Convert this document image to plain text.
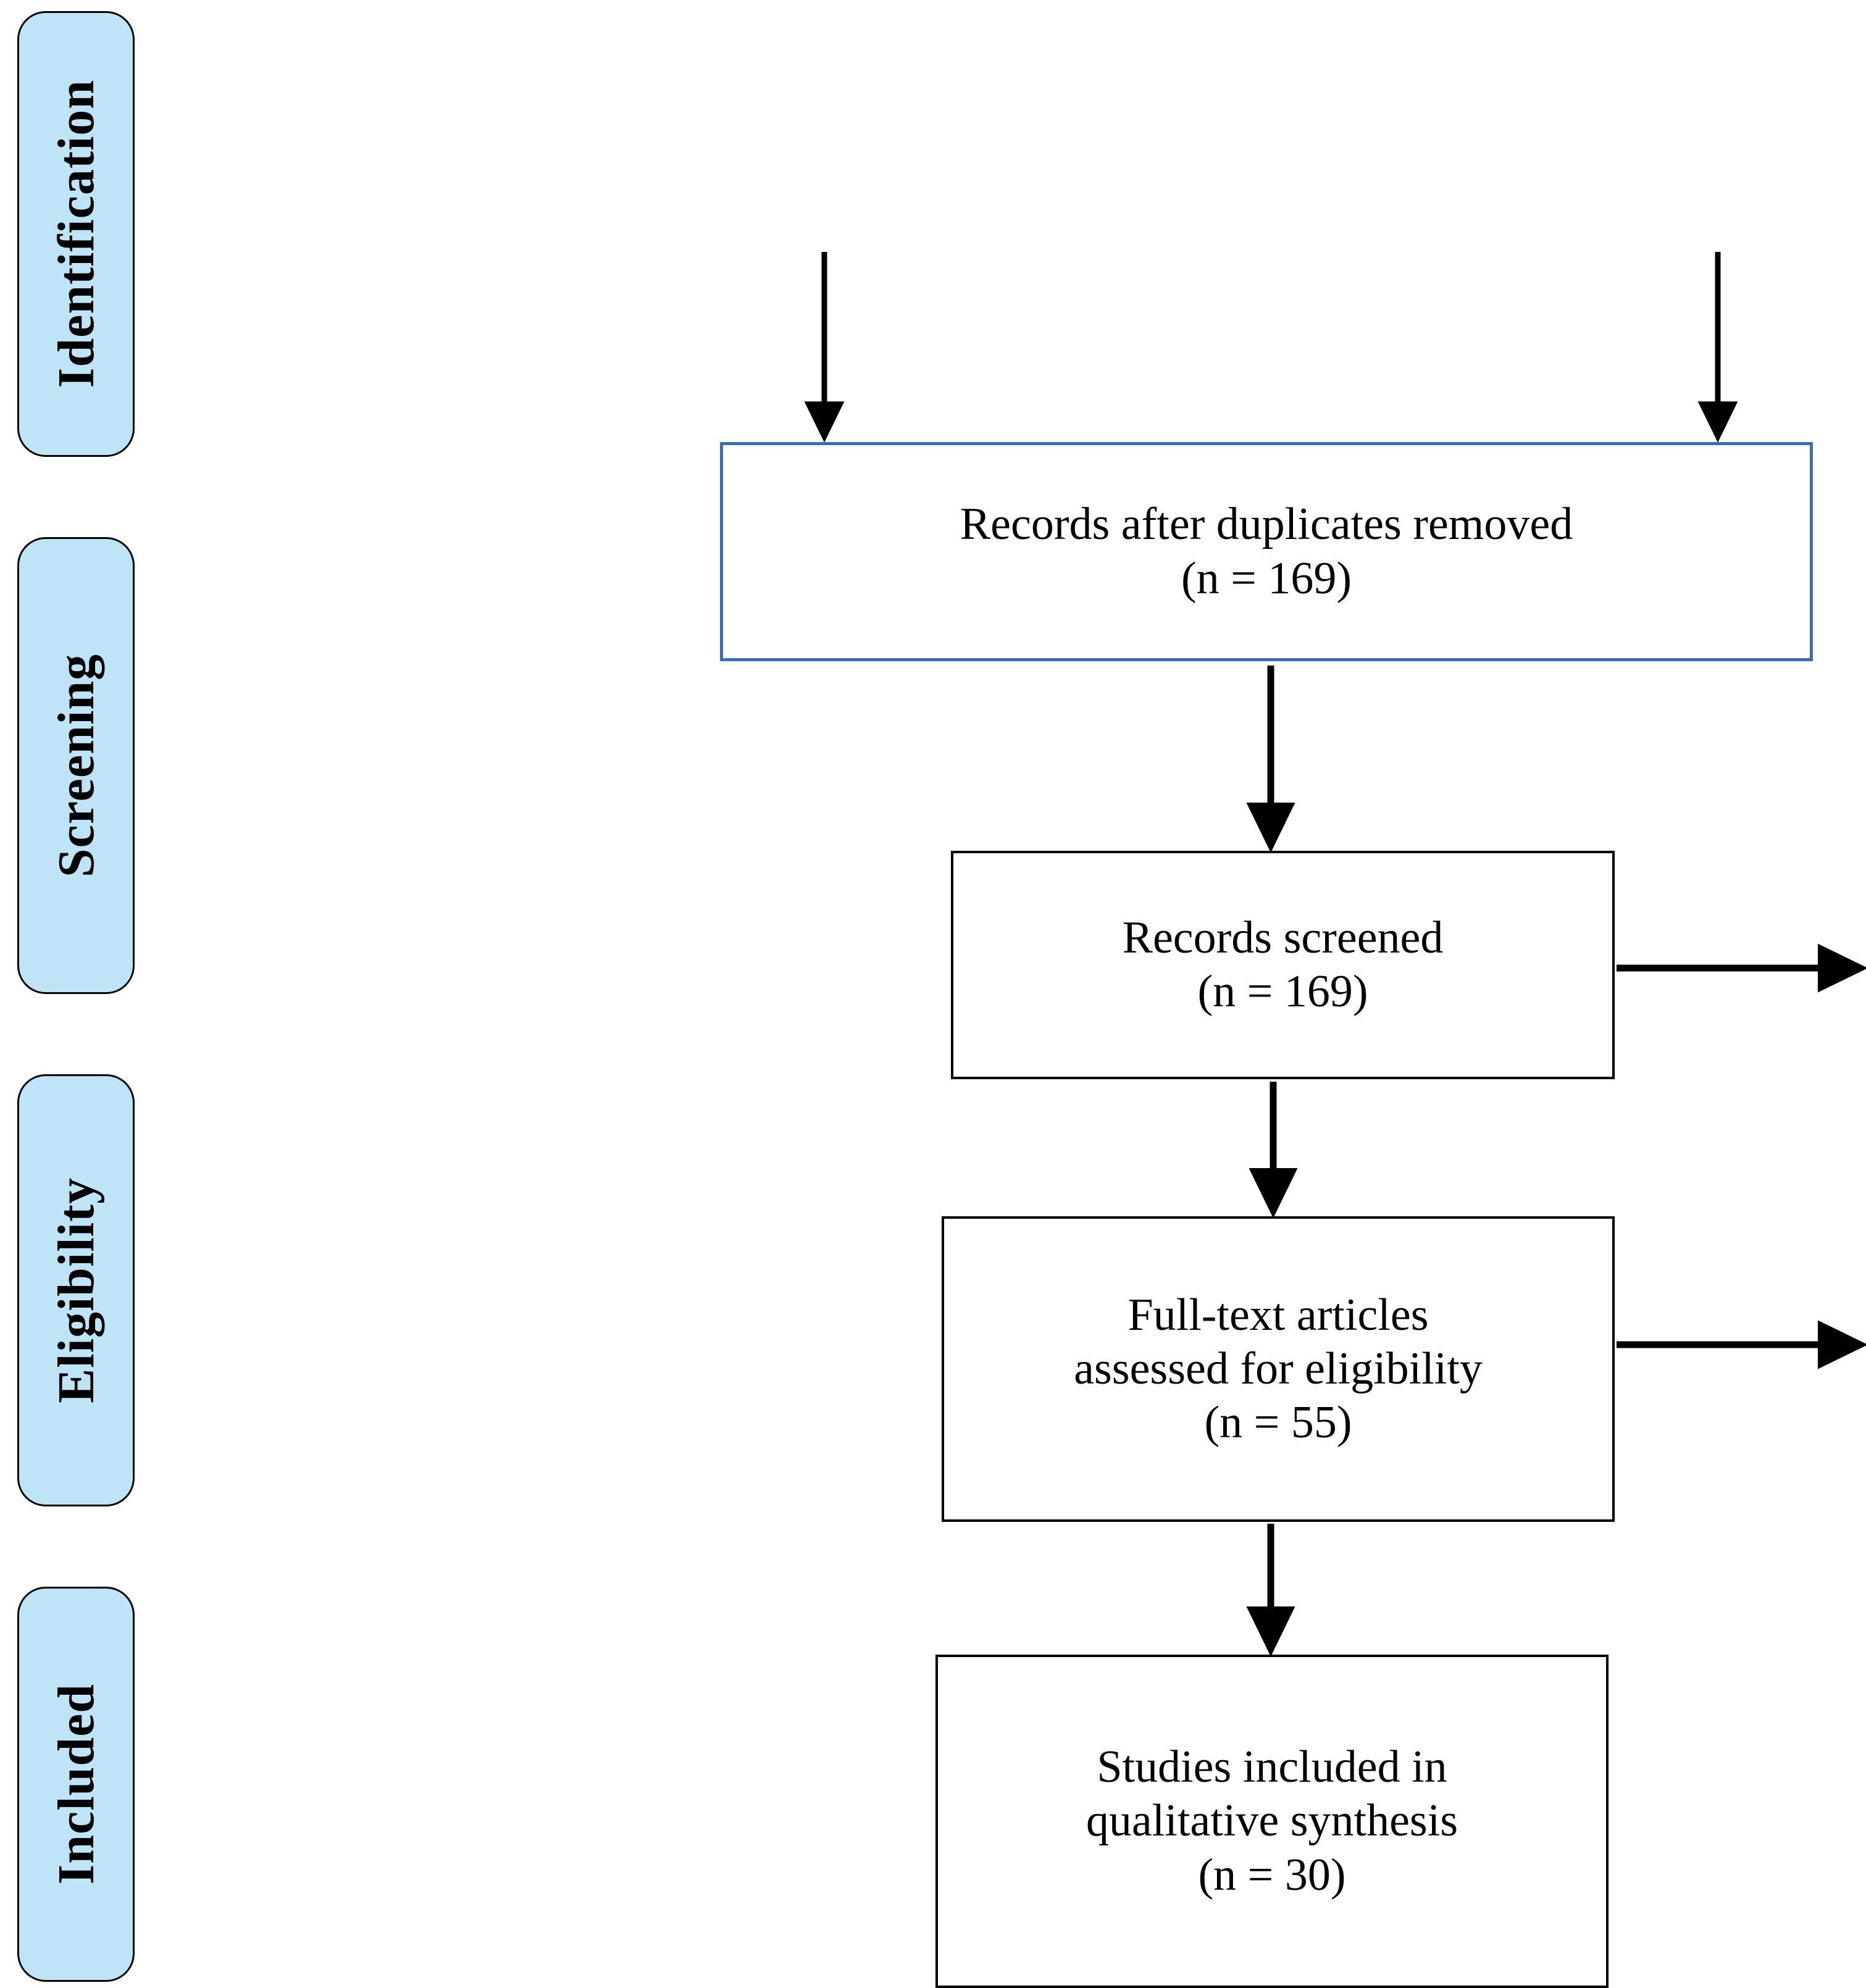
Identification
Screening
Eligibility
Included
Records after duplicates removed
(n = 169)
Records screened
(n = 169)
Full-text articles
assessed for eligibility
(n = 55)
Studies included in
qualitative synthesis
(n = 30)
